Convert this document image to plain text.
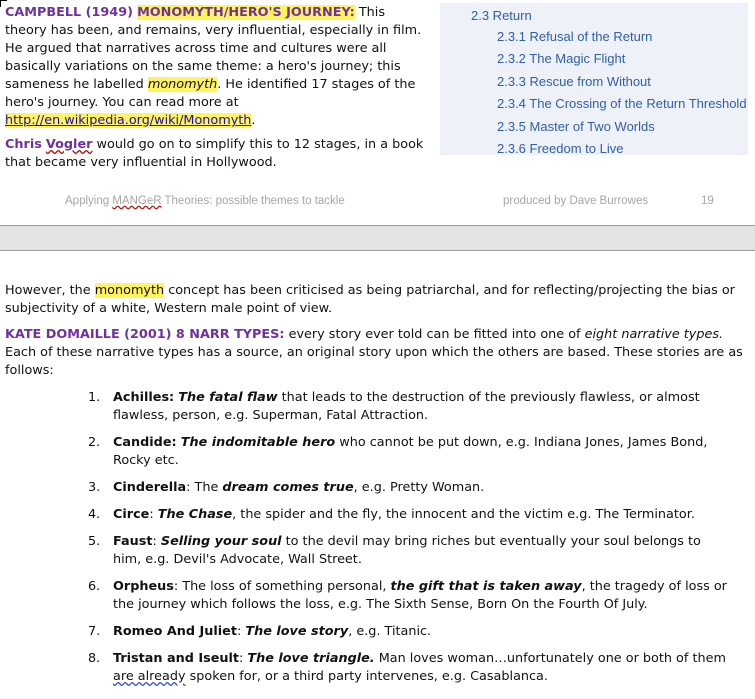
CAMPBELL (1949) MONOMYTH/HERO'S JOURNEY: This theory has been, and remains, very influential, especially in film. He argued that narratives across time and cultures were all basically variations on the same theme: a hero's journey; this sameness he labelled monomyth. He identified 17 stages of the hero's journey. You can read more at http://en.wikipedia.org/wiki/Monomyth.

Chris Vogler would go on to simplify this to 12 stages, in a book that became very influential in Hollywood.

2.3 Return
2.3.1 Refusal of the Return
2.3.2 The Magic Flight
2.3.3 Rescue from Without
2.3.4 The Crossing of the Return Threshold
2.3.5 Master of Two Worlds
2.3.6 Freedom to Live
Applying MANGeR Theories: possible themes to tackle	produced by Dave Burrowes	19

However, the monomyth concept has been criticised as being patriarchal, and for reflecting/projecting the bias or subjectivity of a white, Western male point of view.

KATE DOMAILLE (2001) 8 NARR TYPES: every story ever told can be fitted into one of eight narrative types. Each of these narrative types has a source, an original story upon which the others are based. These stories are as follows:

1. Achilles: The fatal flaw that leads to the destruction of the previously flawless, or almost flawless, person, e.g. Superman, Fatal Attraction.
2. Candide: The indomitable hero who cannot be put down, e.g. Indiana Jones, James Bond, Rocky etc.
3. Cinderella: The dream comes true, e.g. Pretty Woman.
4. Circe: The Chase, the spider and the fly, the innocent and the victim e.g. The Terminator.
5. Faust: Selling your soul to the devil may bring riches but eventually your soul belongs to him, e.g. Devil's Advocate, Wall Street.
6. Orpheus: The loss of something personal, the gift that is taken away, the tragedy of loss or the journey which follows the loss, e.g. The Sixth Sense, Born On the Fourth Of July.
7. Romeo And Juliet: The love story, e.g. Titanic.
8. Tristan and Iseult: The love triangle. Man loves woman…unfortunately one or both of them are already spoken for, or a third party intervenes, e.g. Casablanca.
